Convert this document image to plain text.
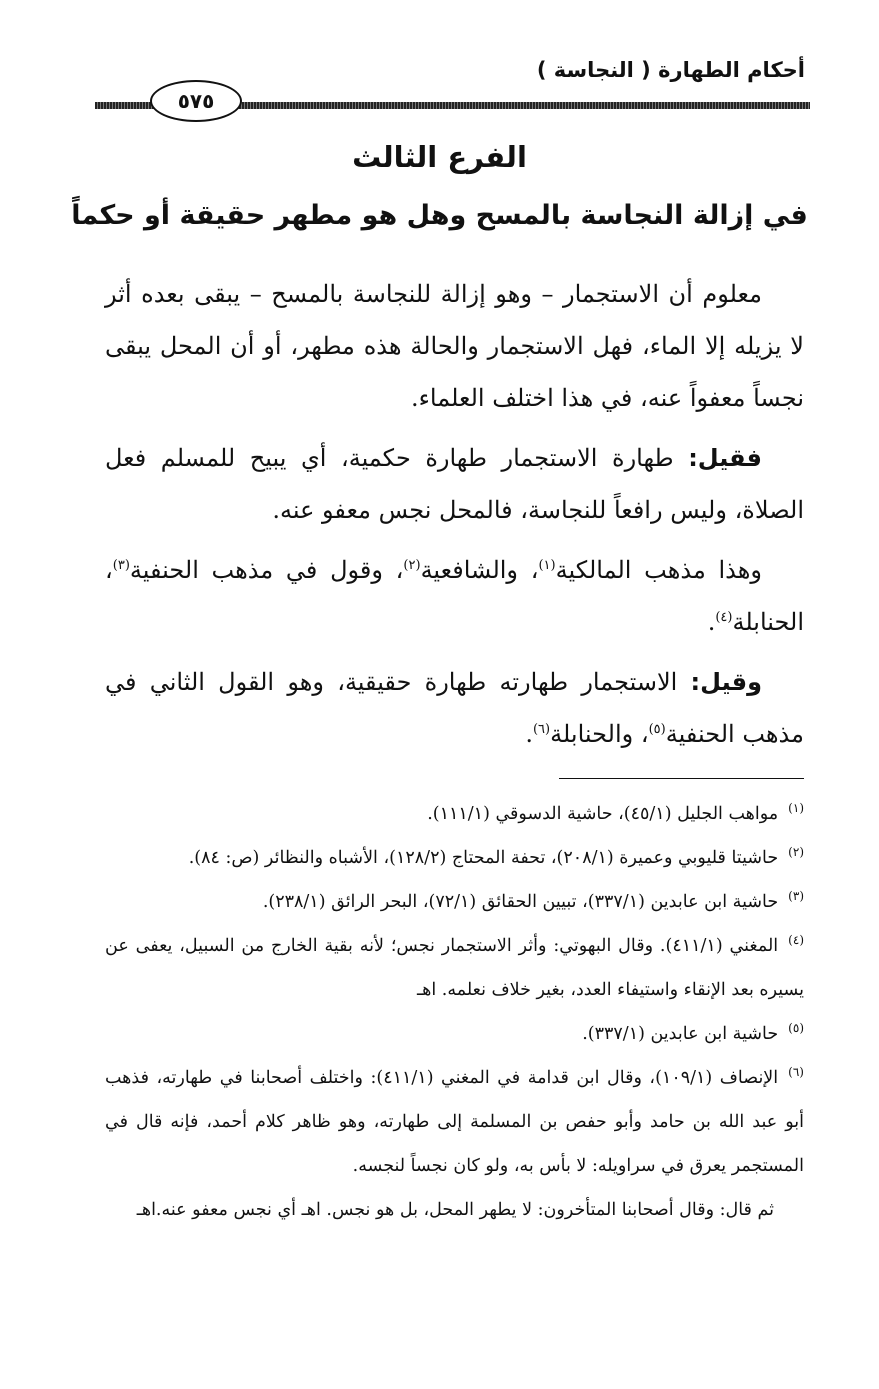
أحكام الطهارة ( النجاسة )
٥٧٥
الفرع الثالث
في إزالة النجاسة بالمسح وهل هو مطهر حقيقة أو حكماً

معلوم أن الاستجمار – وهو إزالة للنجاسة بالمسح – يبقى بعده أثر لا يزيله إلا الماء، فهل الاستجمار والحالة هذه مطهر، أو أن المحل يبقى نجساً معفواً عنه، في هذا اختلف العلماء.

فقيل: طهارة الاستجمار طهارة حكمية، أي يبيح للمسلم فعل الصلاة، وليس رافعاً للنجاسة، فالمحل نجس معفو عنه.

وهذا مذهب المالكية$^{(١)}$، والشافعية$^{(٢)}$، وقول في مذهب الحنفية$^{(٣)}$، الحنابلة$^{(٤)}$.

وقيل: الاستجمار طهارته طهارة حقيقية، وهو القول الثاني في مذهب الحنفية$^{(٥)}$، والحنابلة$^{(٦)}$.

$^{(١)}$مواهب الجليل (٤٥/١)، حاشية الدسوقي (١١١/١).

$^{(٢)}$حاشيتا قليوبي وعميرة (٢٠٨/١)، تحفة المحتاج (١٢٨/٢)، الأشباه والنظائر (ص: ٨٤).

$^{(٣)}$حاشية ابن عابدين (٣٣٧/١)، تبيين الحقائق (٧٢/١)، البحر الرائق (٢٣٨/١).

$^{(٤)}$المغني (٤١١/١). وقال البهوتي: وأثر الاستجمار نجس؛ لأنه بقية الخارج من السبيل، يعفى عن يسيره بعد الإنقاء واستيفاء العدد، بغير خلاف نعلمه. اهـ

$^{(٥)}$حاشية ابن عابدين (٣٣٧/١).

$^{(٦)}$الإنصاف (١٠٩/١)، وقال ابن قدامة في المغني (٤١١/١): واختلف أصحابنا في طهارته، فذهب أبو عبد الله بن حامد وأبو حفص بن المسلمة إلى طهارته، وهو ظاهر كلام أحمد، فإنه قال في المستجمر يعرق في سراويله: لا بأس به، ولو كان نجساً لنجسه.

ثم قال: وقال أصحابنا المتأخرون: لا يطهر المحل، بل هو نجس. اهـ أي نجس معفو عنه.اهـ
